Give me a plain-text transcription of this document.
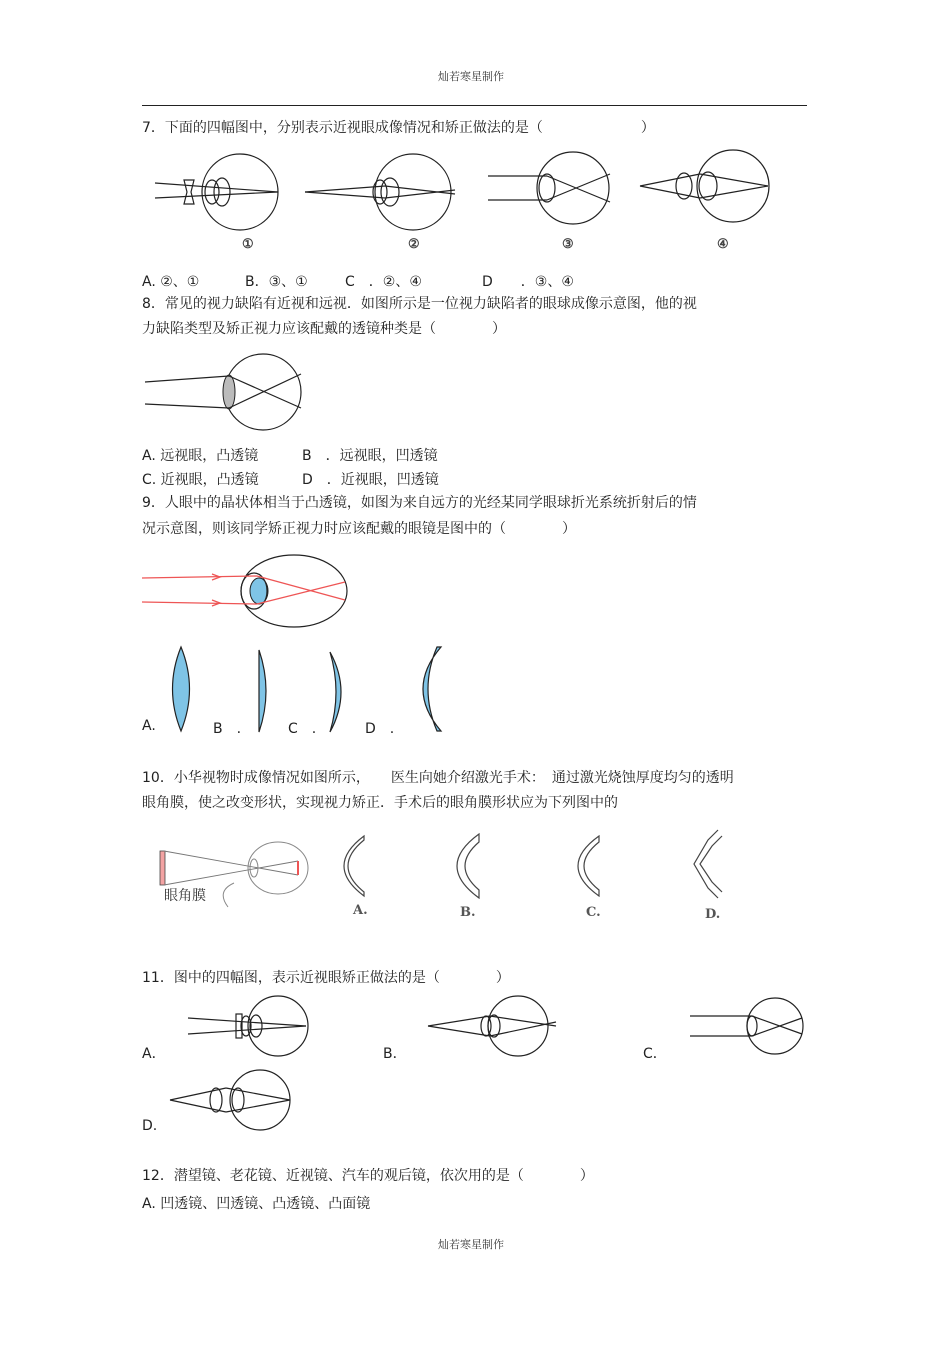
灿若寒星制作
灿若寒星制作
7．下面的四幅图中，分别表示近视眼成像情况和矫正做法的是（　　　　　　　）
①	②	③	④
A. ②、①	B．③、①	C　．②、④	D　　．③、④
8．常见的视力缺陷有近视和远视．如图所示是一位视力缺陷者的眼球成像示意图，他的视
力缺陷类型及矫正视力应该配戴的透镜种类是（　　　　）
A. 远视眼，凸透镜	B　．远视眼，凹透镜
C. 近视眼，凸透镜	D　．近视眼，凹透镜
9．人眼中的晶状体相当于凸透镜，如图为来自远方的光经某同学眼球折光系统折射后的情
况示意图，则该同学矫正视力时应该配戴的眼镜是图中的（　　　　）
A.	B　.	C　.	D　.
10．小华视物时成像情况如图所示，　　医生向她介绍激光手术：　通过激光烧蚀厚度均匀的透明
眼角膜，使之改变形状，实现视力矫正．手术后的眼角膜形状应为下列图中的
眼角膜
A.	B.	C.	D.
11．图中的四幅图，表示近视眼矫正做法的是（　　　　）
A．	B．	C．
D.
12．潜望镜、老花镜、近视镜、汽车的观后镜，依次用的是（　　　　）
A. 凹透镜、凹透镜、凸透镜、凸面镜
